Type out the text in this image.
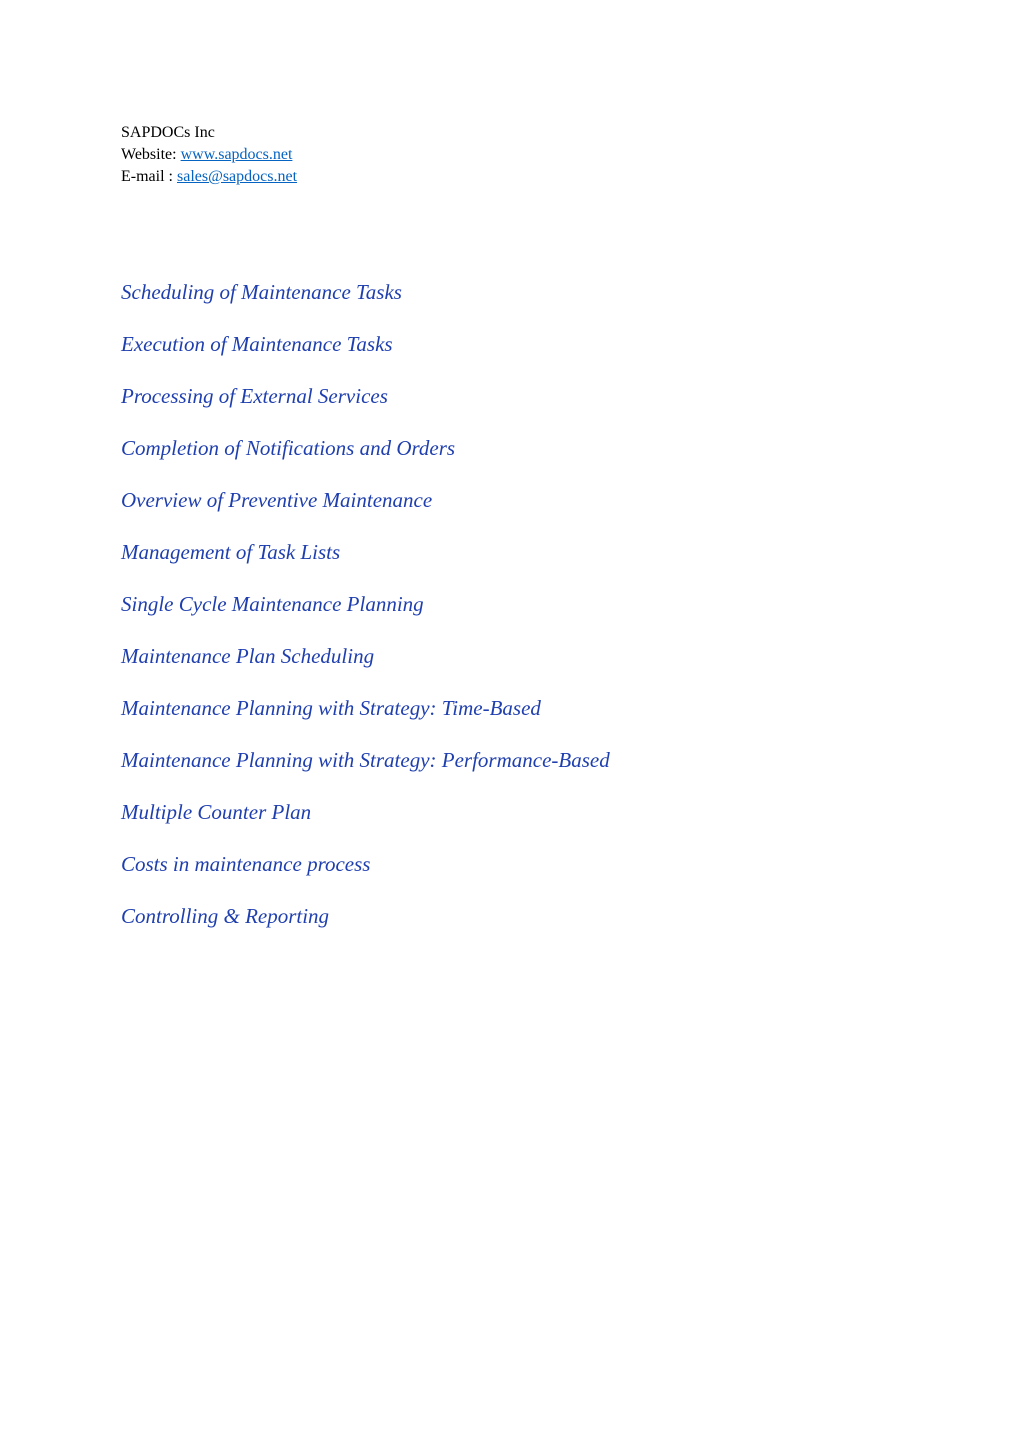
SAPDOCs Inc
Website: www.sapdocs.net
E-mail : sales@sapdocs.net
Scheduling of Maintenance Tasks
Execution of Maintenance Tasks
Processing of External Services
Completion of Notifications and Orders
Overview of Preventive Maintenance
Management of Task Lists
Single Cycle Maintenance Planning
Maintenance Plan Scheduling
Maintenance Planning with Strategy: Time-Based
Maintenance Planning with Strategy: Performance-Based
Multiple Counter Plan
Costs in maintenance process
Controlling & Reporting
